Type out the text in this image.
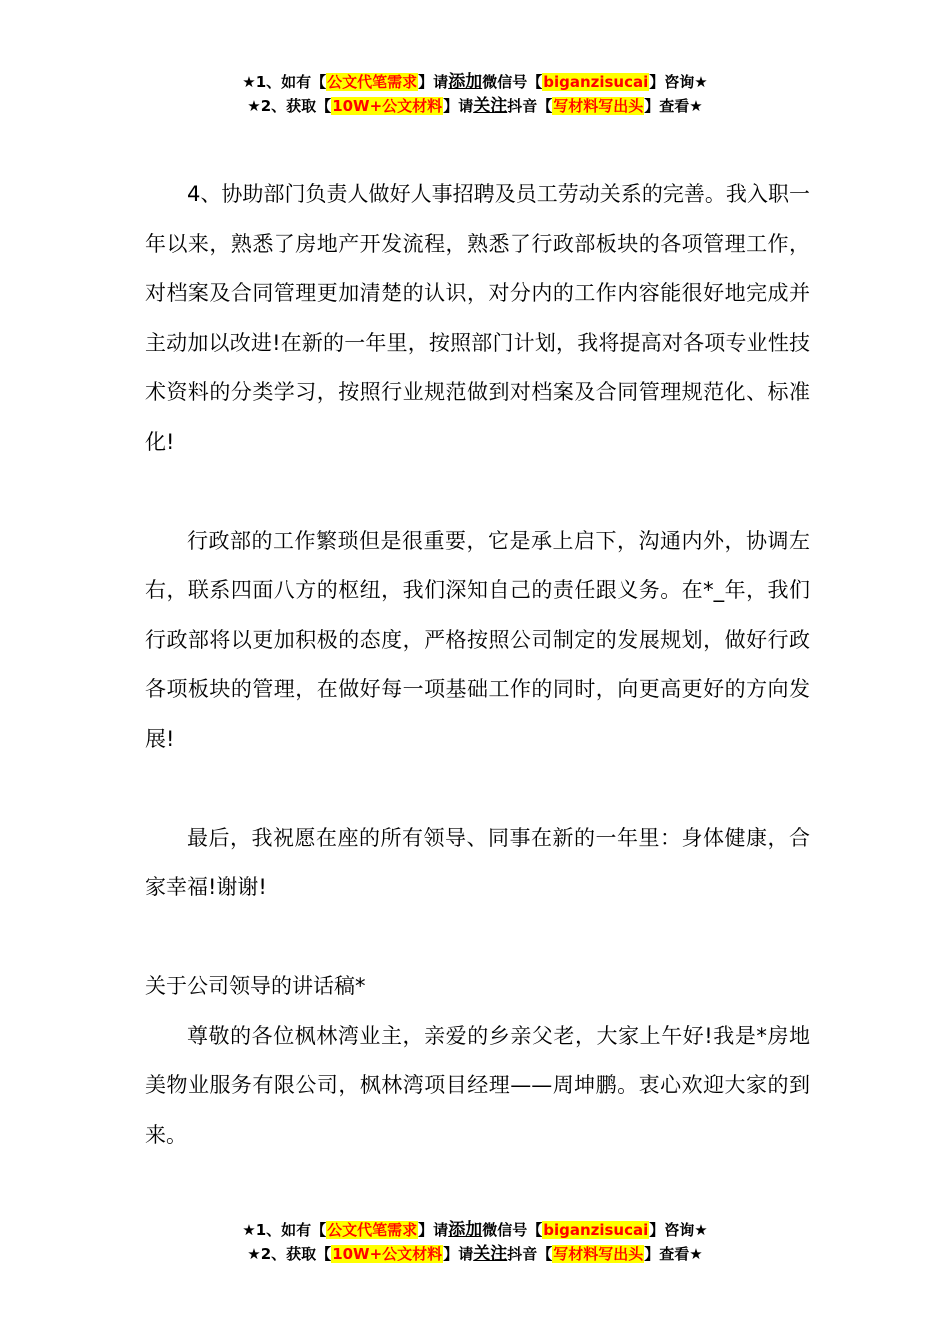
★1、如有【公文代笔需求】请添加微信号【biganzisucai】咨询★
★2、获取【10W+公文材料】请关注抖音【写材料写出头】查看★

4、协助部门负责人做好人事招聘及员工劳动关系的完善。我入职一年以来，熟悉了房地产开发流程，熟悉了行政部板块的各项管理工作，对档案及合同管理更加清楚的认识，对分内的工作内容能很好地完成并主动加以改进!在新的一年里，按照部门计划，我将提高对各项专业性技术资料的分类学习，按照行业规范做到对档案及合同管理规范化、标准化!

行政部的工作繁琐但是很重要，它是承上启下，沟通内外，协调左右，联系四面八方的枢纽，我们深知自己的责任跟义务。在*_年，我们行政部将以更加积极的态度，严格按照公司制定的发展规划，做好行政各项板块的管理，在做好每一项基础工作的同时，向更高更好的方向发展!

最后，我祝愿在座的所有领导、同事在新的一年里：身体健康，合家幸福!谢谢!

关于公司领导的讲话稿*

尊敬的各位枫林湾业主，亲爱的乡亲父老，大家上午好!我是*房地美物业服务有限公司，枫林湾项目经理——周坤鹏。衷心欢迎大家的到来。

★1、如有【公文代笔需求】请添加微信号【biganzisucai】咨询★
★2、获取【10W+公文材料】请关注抖音【写材料写出头】查看★
